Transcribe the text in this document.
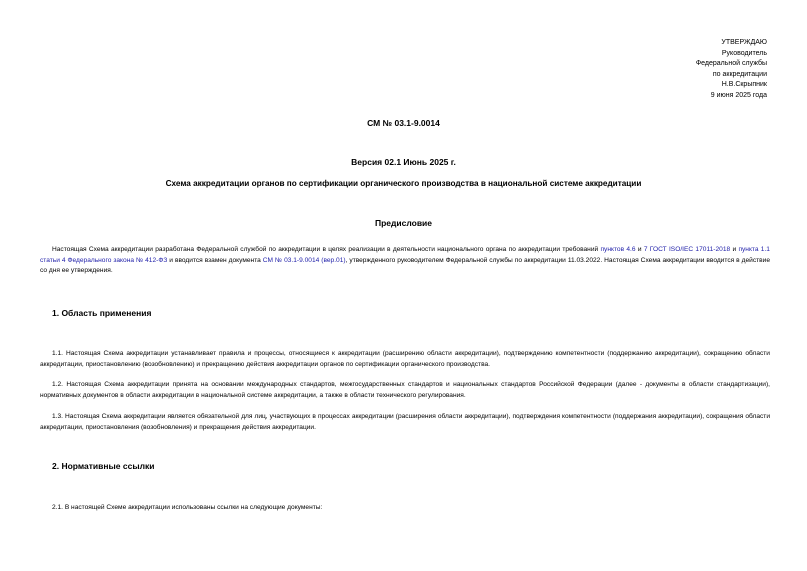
УТВЕРЖДАЮ
Руководитель
Федеральной службы
по аккредитации
Н.В.Скрыпник
9 июня 2025 года
СМ № 03.1-9.0014
Версия 02.1 Июнь 2025 г.
Схема аккредитации органов по сертификации органического производства в национальной системе аккредитации
Предисловие
Настоящая Схема аккредитации разработана Федеральной службой по аккредитации в целях реализации в деятельности национального органа по аккредитации требований пунктов 4.6 и 7 ГОСТ ISO/IEC 17011-2018 и пункта 1.1 статьи 4 Федерального закона № 412-ФЗ и вводится взамен документа СМ № 03.1-9.0014 (вер.01), утвержденного руководителем Федеральной службы по аккредитации 11.03.2022. Настоящая Схема аккредитации вводится в действие со дня ее утверждения.
1. Область применения
1.1. Настоящая Схема аккредитации устанавливает правила и процессы, относящиеся к аккредитации (расширению области аккредитации), подтверждению компетентности (поддержанию аккредитации), сокращению области аккредитации, приостановлению (возобновлению) и прекращению действия аккредитации органов по сертификации органического производства.
1.2. Настоящая Схема аккредитации принята на основании международных стандартов, межгосударственных стандартов и национальных стандартов Российской Федерации (далее - документы в области стандартизации), нормативных документов в области аккредитации в национальной системе аккредитации, а также в области технического регулирования.
1.3. Настоящая Схема аккредитации является обязательной для лиц, участвующих в процессах аккредитации (расширения области аккредитации), подтверждения компетентности (поддержания аккредитации), сокращения области аккредитации, приостановления (возобновления) и прекращения действия аккредитации.
2. Нормативные ссылки
2.1. В настоящей Схеме аккредитации использованы ссылки на следующие документы:
